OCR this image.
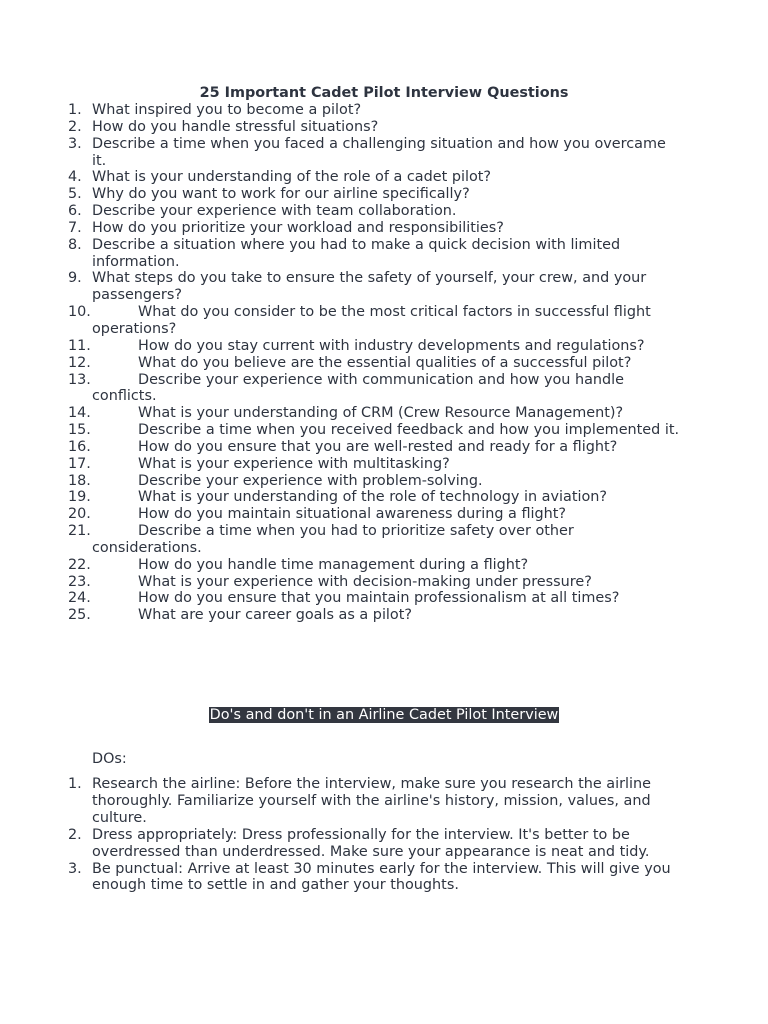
25 Important Cadet Pilot Interview Questions
1. What inspired you to become a pilot?
2. How do you handle stressful situations?
3. Describe a time when you faced a challenging situation and how you overcame it.
4. What is your understanding of the role of a cadet pilot?
5. Why do you want to work for our airline specifically?
6. Describe your experience with team collaboration.
7. How do you prioritize your workload and responsibilities?
8. Describe a situation where you had to make a quick decision with limited information.
9. What steps do you take to ensure the safety of yourself, your crew, and your passengers?
10.	What do you consider to be the most critical factors in successful flight operations?
11.	How do you stay current with industry developments and regulations?
12.	What do you believe are the essential qualities of a successful pilot?
13.	Describe your experience with communication and how you handle conflicts.
14.	What is your understanding of CRM (Crew Resource Management)?
15.	Describe a time when you received feedback and how you implemented it.
16.	How do you ensure that you are well-rested and ready for a flight?
17.	What is your experience with multitasking?
18.	Describe your experience with problem-solving.
19.	What is your understanding of the role of technology in aviation?
20.	How do you maintain situational awareness during a flight?
21.	Describe a time when you had to prioritize safety over other considerations.
22.	How do you handle time management during a flight?
23.	What is your experience with decision-making under pressure?
24.	How do you ensure that you maintain professionalism at all times?
25.	What are your career goals as a pilot?
Do's and don't in an Airline Cadet Pilot Interview

DOs:

1. Research the airline: Before the interview, make sure you research the airline thoroughly. Familiarize yourself with the airline's history, mission, values, and culture.
2. Dress appropriately: Dress professionally for the interview. It's better to be overdressed than underdressed. Make sure your appearance is neat and tidy.
3. Be punctual: Arrive at least 30 minutes early for the interview. This will give you enough time to settle in and gather your thoughts.
